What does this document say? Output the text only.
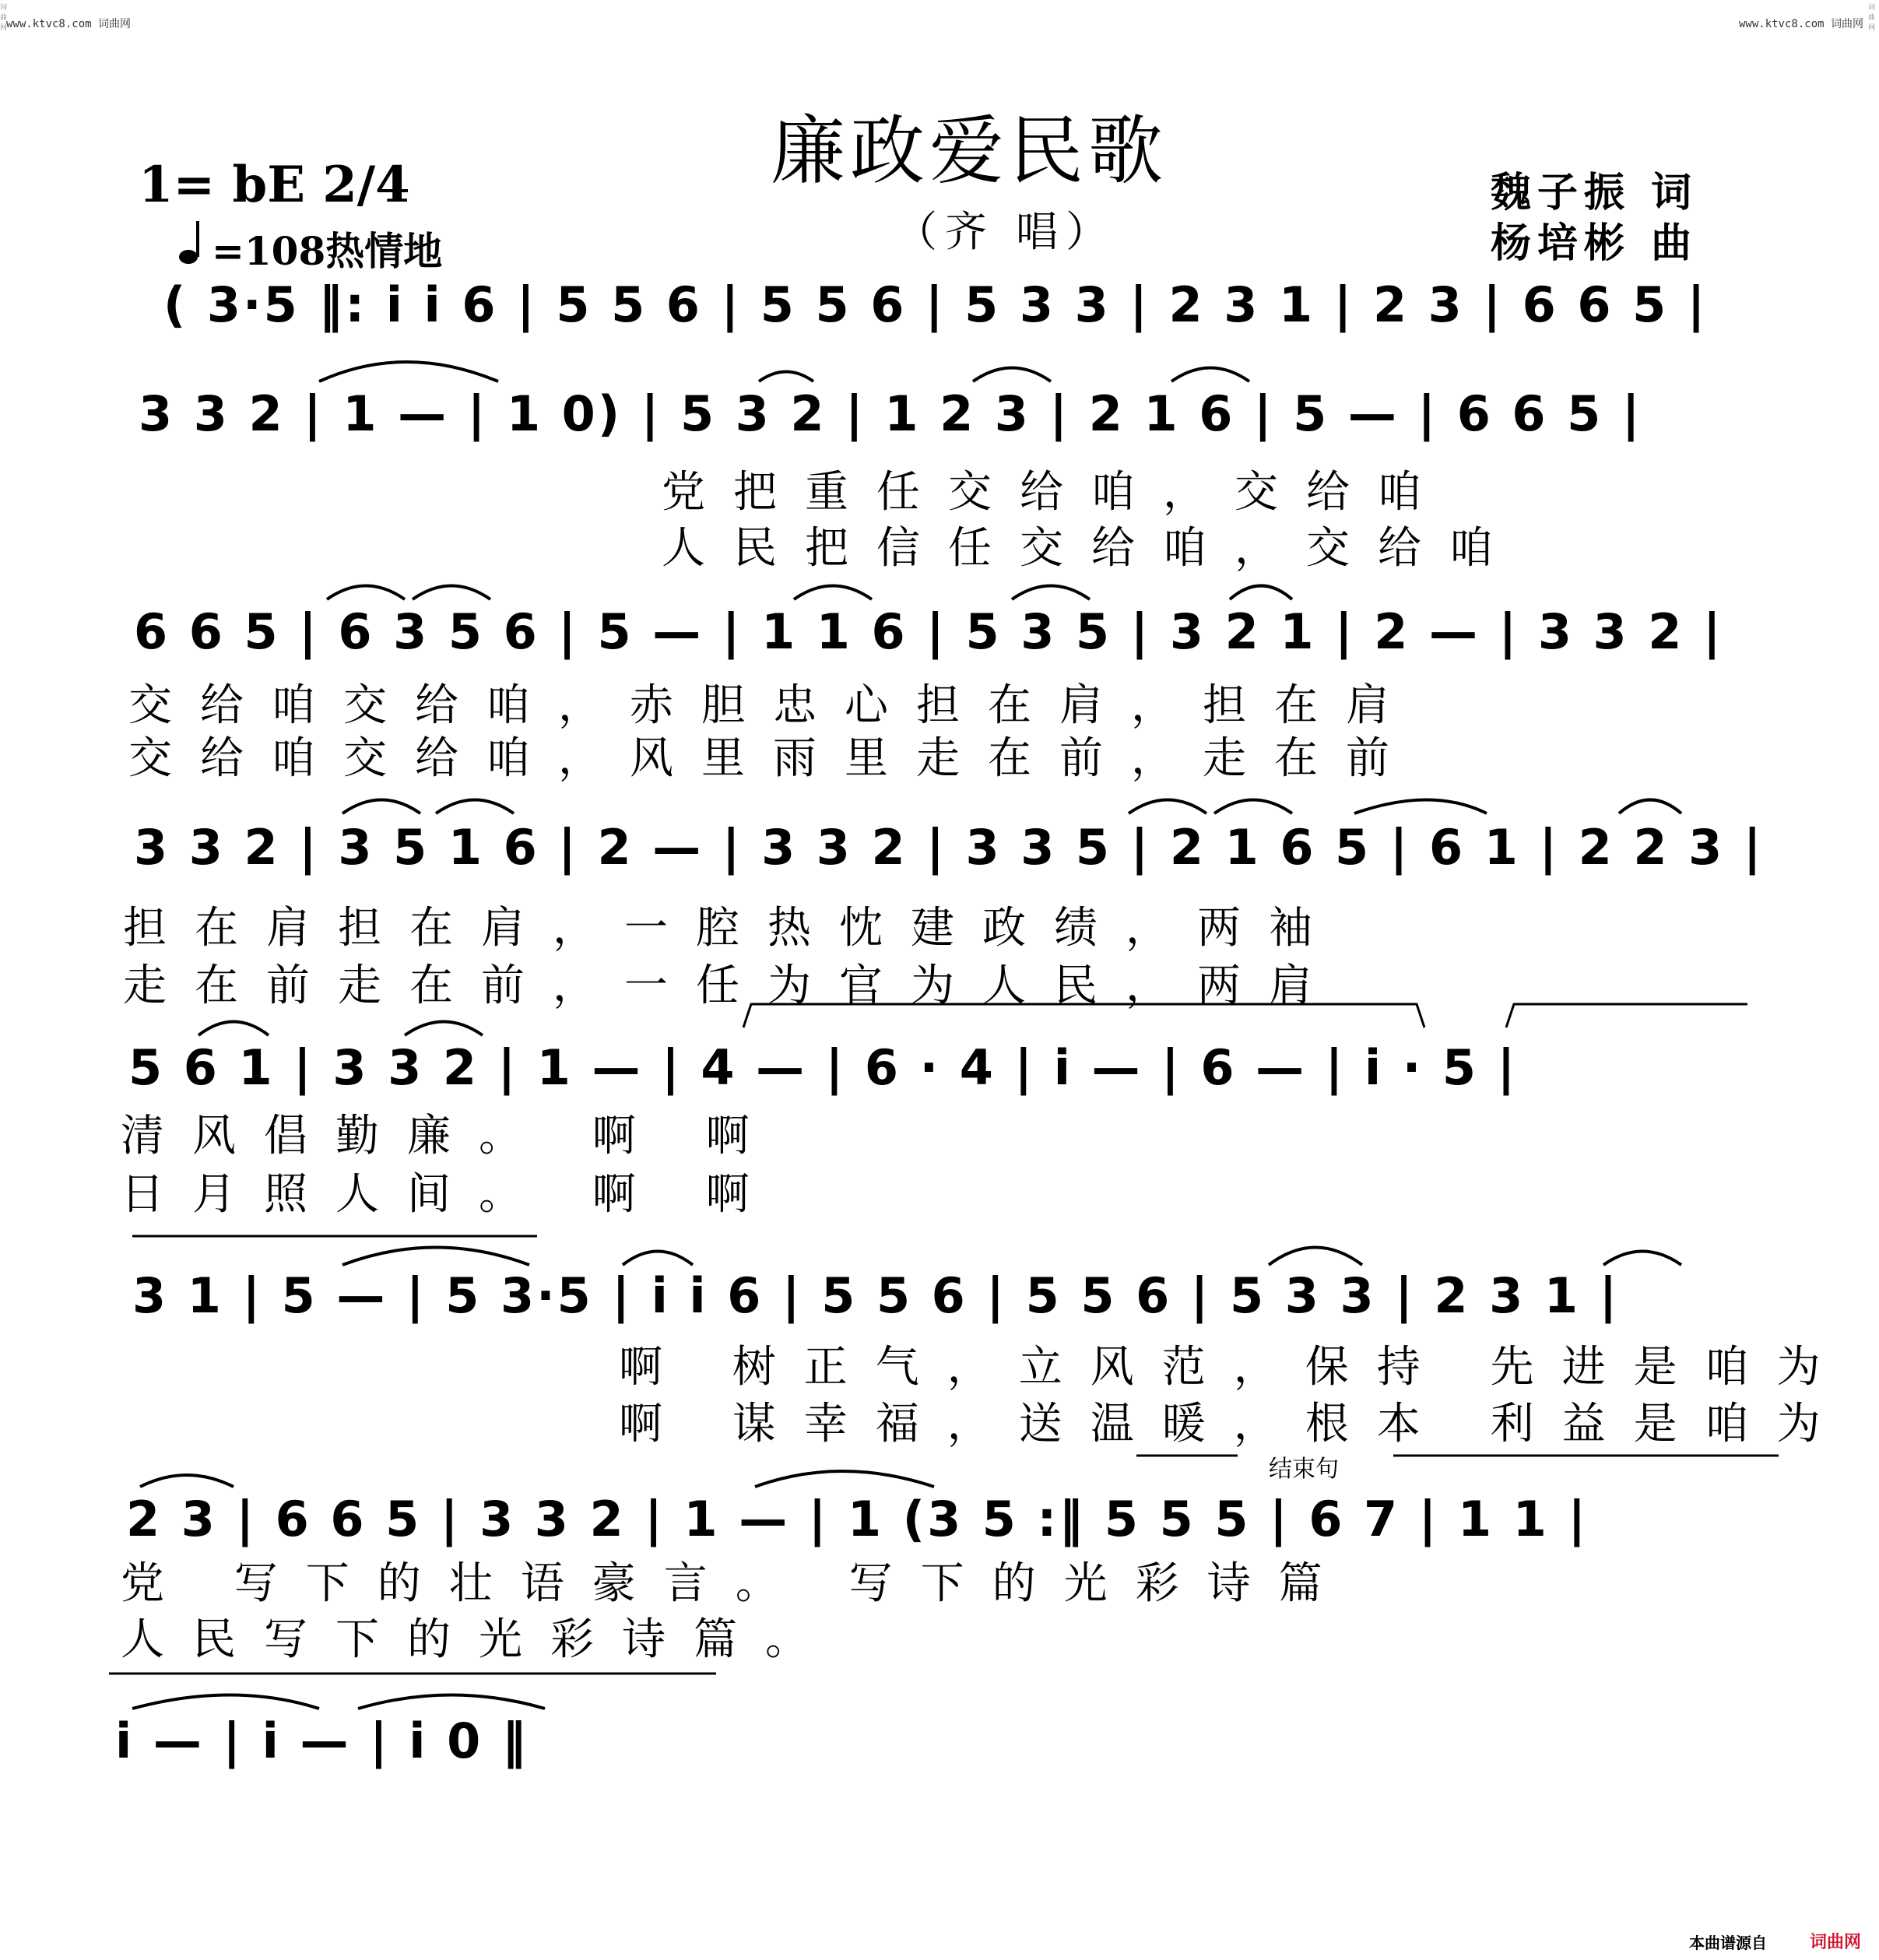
www.ktvc8.com 词曲网	www.ktvc8.com 词曲网
词曲网
词曲网
廉政爱民歌
（齐 唱）
魏子振 词
杨培彬 曲
1= bE 2/4
=108热情地
( 3·5 ‖: i i 6 | 5 5 6 | 5 5 6 | 5 3 3 | 2 3 1 | 2 3 | 6 6 5 |
3 3 2 | 1 — | 1 0) | 5 3 2 | 1 2 3 | 2 1 6 | 5 — | 6 6 5 |
党把重任交给咱，交给咱
人民把信任交给咱，交给咱
6 6 5 | 6 3 5 6 | 5 — | 1 1 6 | 5 3 5 | 3 2 1 | 2 — | 3 3 2 |
交给咱交给咱，赤胆忠心担在肩，担在肩
交给咱交给咱，风里雨里走在前，走在前
3 3 2 | 3 5 1 6 | 2 — | 3 3 2 | 3 3 5 | 2 1 6 5 | 6 1 | 2 2 3 |
担在肩担在肩，一腔热忱建政绩，两袖
走在前走在前，一任为官为人民，两肩
5 6 1 | 3 3 2 | 1 — | 4 — | 6 · 4 | i — | 6 — | i · 5 |
清风倡勤廉。 啊 啊
日月照人间。 啊 啊
3 1 | 5 — | 5 3·5 | i i 6 | 5 5 6 | 5 5 6 | 5 3 3 | 2 3 1 |
啊 树正气，立风范，保持 先进是咱为
啊 谋幸福，送温暖，根本 利益是咱为
结束句
2 3 | 6 6 5 | 3 3 2 | 1 — | 1 (3 5 :‖ 5 5 5 | 6 7 | 1 1 |
党 写下的壮语豪言。 写下的光彩诗篇
人民写下的光彩诗篇。
i — | i — | i 0 ‖
本曲谱源自	词曲网
